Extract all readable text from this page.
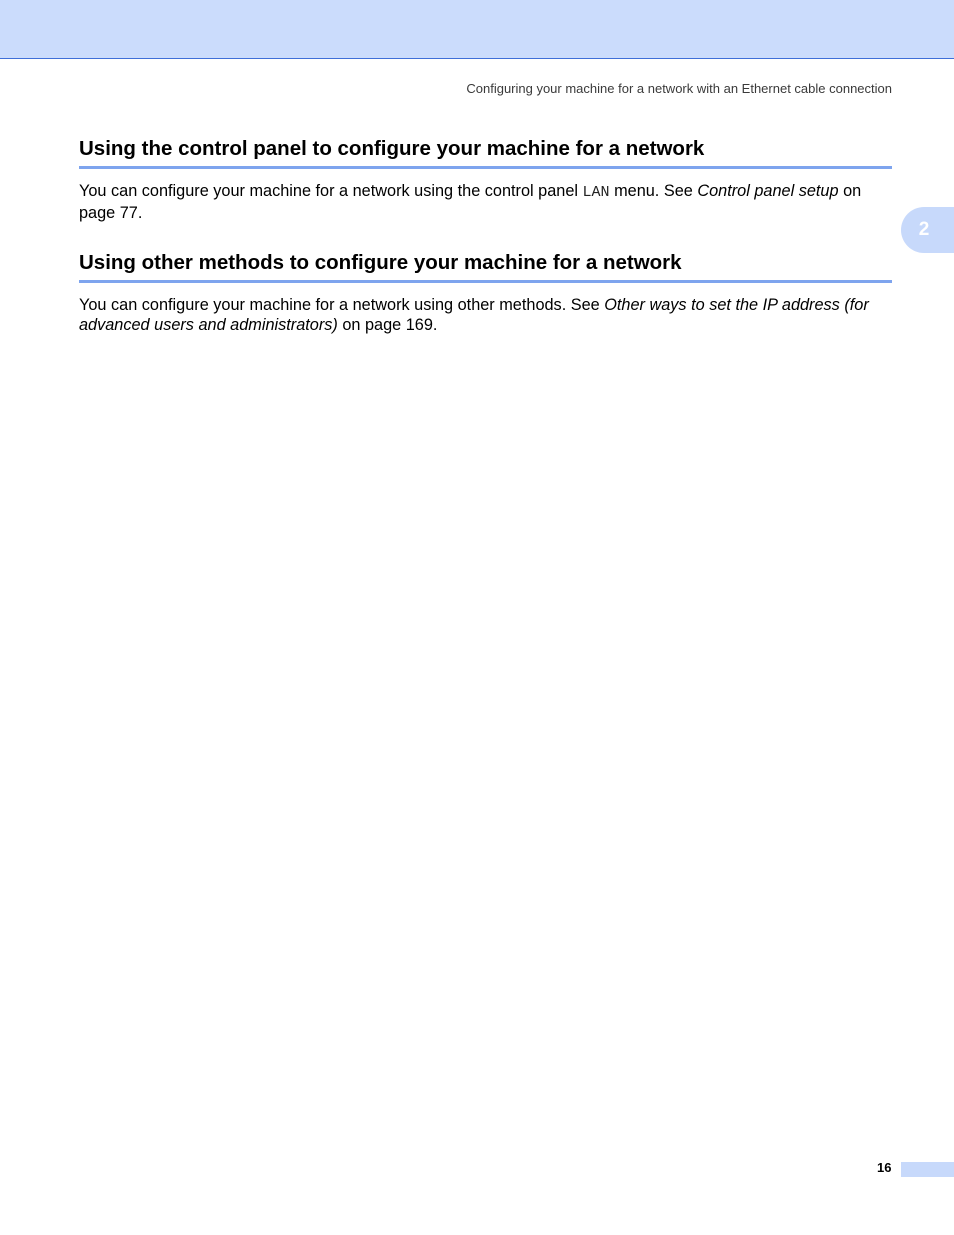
Configuring your machine for a network with an Ethernet cable connection
2
Using the control panel to configure your machine for a network

You can configure your machine for a network using the control panel LAN menu. See Control panel setup on page 77.

Using other methods to configure your machine for a network

You can configure your machine for a network using other methods. See Other ways to set the IP address (for advanced users and administrators) on page 169.

16
